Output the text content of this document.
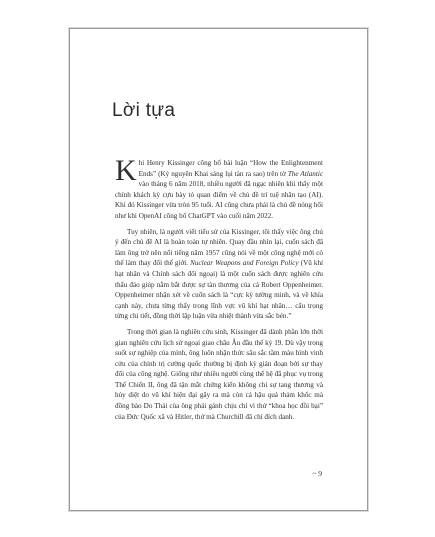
Lời tựa

Khi Henry Kissinger công bố bài luận “How the Enlightenment Ends” (Kỷ nguyên Khai sáng lụi tàn ra sao) trên tờ The Atlantic vào tháng 6 năm 2018, nhiều người đã ngạc nhiên khi thấy một chính khách kỳ cựu bày tỏ quan điểm về chủ đề trí tuệ nhân tạo (AI). Khi đó Kissinger vừa tròn 95 tuổi. AI cũng chưa phải là chủ đề nóng hổi như khi OpenAI công bố ChatGPT vào cuối năm 2022.

Tuy nhiên, là người viết tiểu sử của Kissinger, tôi thấy việc ông chú ý đến chủ đề AI là hoàn toàn tự nhiên. Quay đầu nhìn lại, cuốn sách đã làm ông trở nên nổi tiếng năm 1957 cũng nói về một công nghệ mới có thể làm thay đổi thế giới. Nuclear Weapons and Foreign Policy (Vũ khí hạt nhân và Chính sách đối ngoại) là một cuốn sách được nghiên cứu thấu đáo giúp nắm bắt được sự tàn thương của cả Robert Oppenheimer. Oppenheimer nhận xét về cuốn sách là “cực kỳ tường minh, và về khía cạnh này, chưa từng thấy trong lĩnh vực vũ khí hạt nhân… cẩu trọng từng chi tiết, đồng thời lập luận vừa nhiệt thành vừa sắc bén.”

Trong thời gian là nghiên cứu sinh, Kissinger đã dành phần lớn thời gian nghiên cứu lịch sử ngoại giao châu Âu đầu thế kỷ 19. Dù vậy trong suốt sự nghiệp của mình, ông luôn nhận thức sâu sắc tầm màu hình vinh cửu của chính trị cường quốc thường bị định kỳ gián đoạn bởi sự thay đổi của công nghệ. Giống như nhiều người cùng thế hệ đã phục vụ trong Thế Chiến II, ông đã tận mắt chứng kiến không chỉ sự tang thương và hủy diệt do vũ khí hiện đại gây ra mà còn cả hậu quả thảm khốc mà đồng bào Do Thái của ông phải gánh chịu chỉ vì thứ “khoa học đồi bại” của Đức Quốc xã và Hitler, thứ mà Churchill đã chỉ đích danh.

~ 9
